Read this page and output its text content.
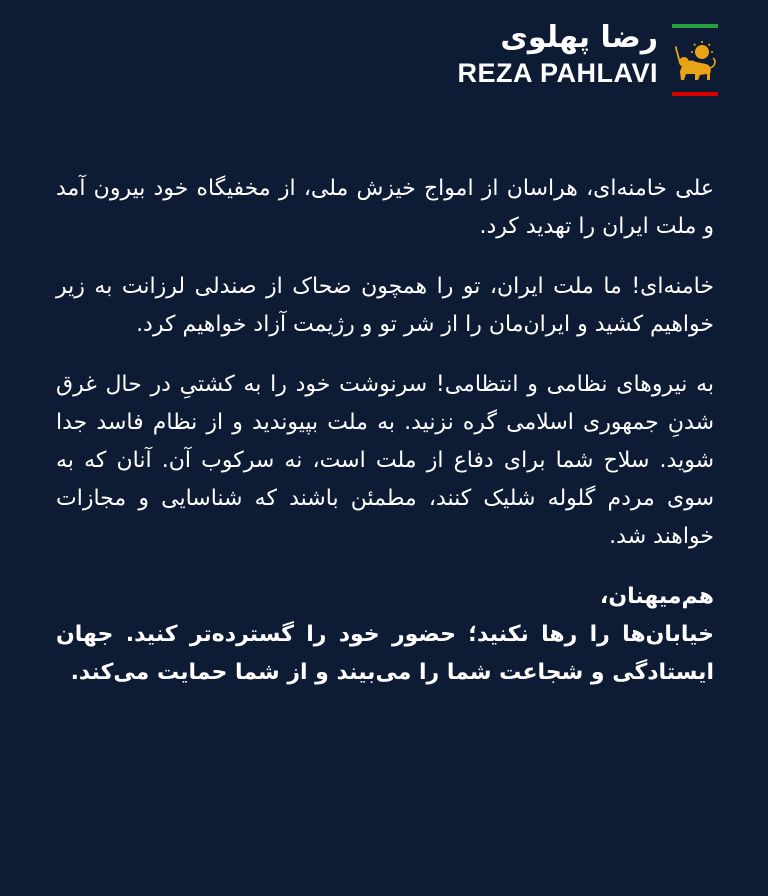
رضا پهلوی
REZA PAHLAVI

علی خامنه‌ای، هراسان از امواج خیزش ملی، از مخفیگاه خود بیرون آمد و ملت ایران را تهدید کرد.

خامنه‌ای! ما ملت ایران، تو را همچون ضحاک از صندلی لرزانت به زیر خواهیم کشید و ایران‌مان را از شر تو و رژیمت آزاد خواهیم کرد.

به نیروهای نظامی و انتظامی! سرنوشت خود را به کشتیِ در حال غرق شدنِ جمهوری اسلامی گره نزنید. به ملت بپیوندید و از نظام فاسد جدا شوید. سلاح شما برای دفاع از ملت است، نه سرکوب آن. آنان که به سوی مردم گلوله شلیک کنند، مطمئن باشند که شناسایی و مجازات خواهند شد.

هم‌میهنان،

خیابان‌ها را رها نکنید؛ حضور خود را گسترده‌تر کنید. جهان ایستادگی و شجاعت شما را می‌بیند و از شما حمایت می‌کند.
